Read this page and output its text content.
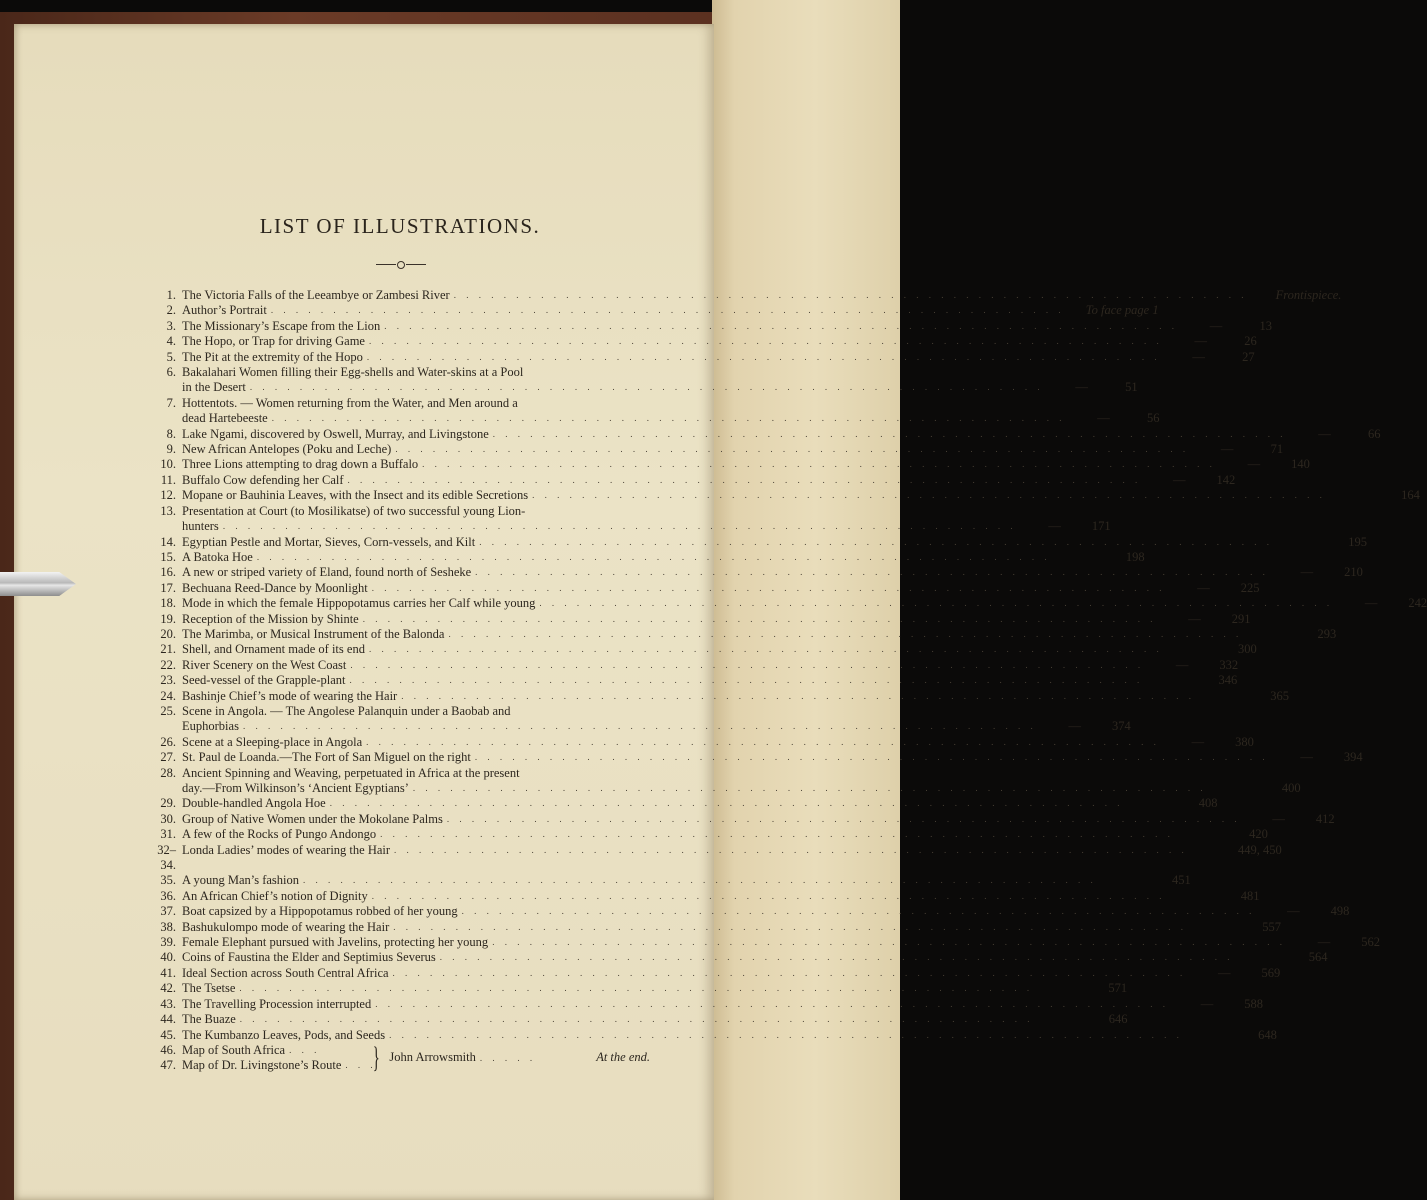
LIST OF ILLUSTRATIONS.
1. The Victoria Falls of the Leeambye or Zambesi River . . . . . . . . . . . . . . . . . . . . . . . . . . . . . . . . . . . . . . . . . . . . . . . . . . . . . . . . . . . . . . . .	Frontispiece.
2. Author’s Portrait . . . . . . . . . . . . . . . . . . . . . . . . . . . . . . . . . . . . . . . . . . . . . . . . . . . . . . . . . . . . . . . .	To face page 1
3. The Missionary’s Escape from the Lion . . . . . . . . . . . . . . . . . . . . . . . . . . . . . . . . . . . . . . . . . . . . . . . . . . . . . . . . . . . . . . . .	—	13
4. The Hopo, or Trap for driving Game . . . . . . . . . . . . . . . . . . . . . . . . . . . . . . . . . . . . . . . . . . . . . . . . . . . . . . . . . . . . . . . .	—	26
5. The Pit at the extremity of the Hopo . . . . . . . . . . . . . . . . . . . . . . . . . . . . . . . . . . . . . . . . . . . . . . . . . . . . . . . . . . . . . . . .	—	27
6. Bakalahari Women filling their Egg-shells and Water-skins at a Pool
in the Desert . . . . . . . . . . . . . . . . . . . . . . . . . . . . . . . . . . . . . . . . . . . . . . . . . . . . . . . . . . . . . . . .	—	51
7. Hottentots. — Women returning from the Water, and Men around a
dead Hartebeeste . . . . . . . . . . . . . . . . . . . . . . . . . . . . . . . . . . . . . . . . . . . . . . . . . . . . . . . . . . . . . . . .	—	56
8. Lake Ngami, discovered by Oswell, Murray, and Livingstone . . . . . . . . . . . . . . . . . . . . . . . . . . . . . . . . . . . . . . . . . . . . . . . . . . . . . . . . . . . . . . . .	—	66
9. New African Antelopes (Poku and Leche) . . . . . . . . . . . . . . . . . . . . . . . . . . . . . . . . . . . . . . . . . . . . . . . . . . . . . . . . . . . . . . . .	—	71
10. Three Lions attempting to drag down a Buffalo . . . . . . . . . . . . . . . . . . . . . . . . . . . . . . . . . . . . . . . . . . . . . . . . . . . . . . . . . . . . . . . .	— 140
11. Buffalo Cow defending her Calf . . . . . . . . . . . . . . . . . . . . . . . . . . . . . . . . . . . . . . . . . . . . . . . . . . . . . . . . . . . . . . . .	— 142
12. Mopane or Bauhinia Leaves, with the Insect and its edible Secretions . . . . . . . . . . . . . . . . . . . . . . . . . . . . . . . . . . . . . . . . . . . . . . . . . . . . . . . . . . . . . . . .	164
13. Presentation at Court (to Mosilikatse) of two successful young Lion-
hunters . . . . . . . . . . . . . . . . . . . . . . . . . . . . . . . . . . . . . . . . . . . . . . . . . . . . . . . . . . . . . . . .	— 171
14. Egyptian Pestle and Mortar, Sieves, Corn-vessels, and Kilt . . . . . . . . . . . . . . . . . . . . . . . . . . . . . . . . . . . . . . . . . . . . . . . . . . . . . . . . . . . . . . . .	195
15. A Batoka Hoe . . . . . . . . . . . . . . . . . . . . . . . . . . . . . . . . . . . . . . . . . . . . . . . . . . . . . . . . . . . . . . . .	198
16. A new or striped variety of Eland, found north of Sesheke . . . . . . . . . . . . . . . . . . . . . . . . . . . . . . . . . . . . . . . . . . . . . . . . . . . . . . . . . . . . . . . .	— 210
17. Bechuana Reed-Dance by Moonlight . . . . . . . . . . . . . . . . . . . . . . . . . . . . . . . . . . . . . . . . . . . . . . . . . . . . . . . . . . . . . . . .	— 225
18. Mode in which the female Hippopotamus carries her Calf while young . . . . . . . . . . . . . . . . . . . . . . . . . . . . . . . . . . . . . . . . . . . . . . . . . . . . . . . . . . . . . . . .	— 242
19. Reception of the Mission by Shinte . . . . . . . . . . . . . . . . . . . . . . . . . . . . . . . . . . . . . . . . . . . . . . . . . . . . . . . . . . . . . . . .	— 291
20. The Marimba, or Musical Instrument of the Balonda . . . . . . . . . . . . . . . . . . . . . . . . . . . . . . . . . . . . . . . . . . . . . . . . . . . . . . . . . . . . . . . .	293
21. Shell, and Ornament made of its end . . . . . . . . . . . . . . . . . . . . . . . . . . . . . . . . . . . . . . . . . . . . . . . . . . . . . . . . . . . . . . . .	300
22. River Scenery on the West Coast . . . . . . . . . . . . . . . . . . . . . . . . . . . . . . . . . . . . . . . . . . . . . . . . . . . . . . . . . . . . . . . .	— 332
23. Seed-vessel of the Grapple-plant . . . . . . . . . . . . . . . . . . . . . . . . . . . . . . . . . . . . . . . . . . . . . . . . . . . . . . . . . . . . . . . .	346
24. Bashinje Chief’s mode of wearing the Hair . . . . . . . . . . . . . . . . . . . . . . . . . . . . . . . . . . . . . . . . . . . . . . . . . . . . . . . . . . . . . . . .	365
25. Scene in Angola. — The Angolese Palanquin under a Baobab and
Euphorbias . . . . . . . . . . . . . . . . . . . . . . . . . . . . . . . . . . . . . . . . . . . . . . . . . . . . . . . . . . . . . . . .	— 374
26. Scene at a Sleeping-place in Angola . . . . . . . . . . . . . . . . . . . . . . . . . . . . . . . . . . . . . . . . . . . . . . . . . . . . . . . . . . . . . . . .	— 380
27. St. Paul de Loanda.—The Fort of San Miguel on the right . . . . . . . . . . . . . . . . . . . . . . . . . . . . . . . . . . . . . . . . . . . . . . . . . . . . . . . . . . . . . . . .	— 394
28. Ancient Spinning and Weaving, perpetuated in Africa at the present
day.—From Wilkinson’s ‘Ancient Egyptians’ . . . . . . . . . . . . . . . . . . . . . . . . . . . . . . . . . . . . . . . . . . . . . . . . . . . . . . . . . . . . . . . .	400
29. Double-handled Angola Hoe . . . . . . . . . . . . . . . . . . . . . . . . . . . . . . . . . . . . . . . . . . . . . . . . . . . . . . . . . . . . . . . .	408
30. Group of Native Women under the Mokolane Palms . . . . . . . . . . . . . . . . . . . . . . . . . . . . . . . . . . . . . . . . . . . . . . . . . . . . . . . . . . . . . . . .	— 412
31. A few of the Rocks of Pungo Andongo . . . . . . . . . . . . . . . . . . . . . . . . . . . . . . . . . . . . . . . . . . . . . . . . . . . . . . . . . . . . . . . .	420
32–34.
Londa Ladies’ modes of wearing the Hair . . . . . . . . . . . . . . . . . . . . . . . . . . . . . . . . . . . . . . . . . . . . . . . . . . . . . . . . . . . . . . . .	449, 450
35. A young Man’s fashion . . . . . . . . . . . . . . . . . . . . . . . . . . . . . . . . . . . . . . . . . . . . . . . . . . . . . . . . . . . . . . . .	451
36. An African Chief’s notion of Dignity . . . . . . . . . . . . . . . . . . . . . . . . . . . . . . . . . . . . . . . . . . . . . . . . . . . . . . . . . . . . . . . .	481
37. Boat capsized by a Hippopotamus robbed of her young . . . . . . . . . . . . . . . . . . . . . . . . . . . . . . . . . . . . . . . . . . . . . . . . . . . . . . . . . . . . . . . .	— 498
38. Bashukulompo mode of wearing the Hair . . . . . . . . . . . . . . . . . . . . . . . . . . . . . . . . . . . . . . . . . . . . . . . . . . . . . . . . . . . . . . . .	557
39. Female Elephant pursued with Javelins, protecting her young . . . . . . . . . . . . . . . . . . . . . . . . . . . . . . . . . . . . . . . . . . . . . . . . . . . . . . . . . . . . . . . .	— 562
40. Coins of Faustina the Elder and Septimius Severus . . . . . . . . . . . . . . . . . . . . . . . . . . . . . . . . . . . . . . . . . . . . . . . . . . . . . . . . . . . . . . . .	564
41. Ideal Section across South Central Africa . . . . . . . . . . . . . . . . . . . . . . . . . . . . . . . . . . . . . . . . . . . . . . . . . . . . . . . . . . . . . . . .	— 569
42. The Tsetse . . . . . . . . . . . . . . . . . . . . . . . . . . . . . . . . . . . . . . . . . . . . . . . . . . . . . . . . . . . . . . . .	571
43. The Travelling Procession interrupted . . . . . . . . . . . . . . . . . . . . . . . . . . . . . . . . . . . . . . . . . . . . . . . . . . . . . . . . . . . . . . . .	— 588
44. The Buaze . . . . . . . . . . . . . . . . . . . . . . . . . . . . . . . . . . . . . . . . . . . . . . . . . . . . . . . . . . . . . . . .	646
45. The Kumbanzo Leaves, Pods, and Seeds . . . . . . . . . . . . . . . . . . . . . . . . . . . . . . . . . . . . . . . . . . . . . . . . . . . . . . . . . . . . . . . .	648
46. Map of South Africa . . .
47. Map of Dr. Livingstone’s Route . . .
} John Arrowsmith . . . . .	At the end.
